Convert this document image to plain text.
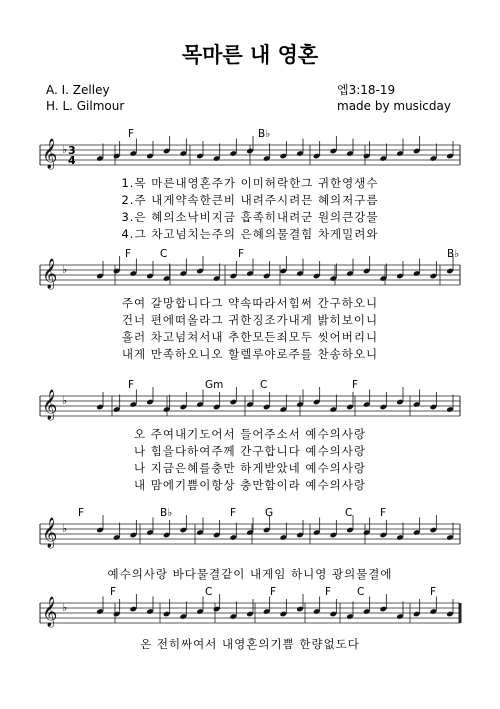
목마른 내 영혼
A. I. Zelley
H. L. Gilmour
엡3:18-19
made by musicday
𝄞 ♭ 3
4
F	B♭
1.목 마른내영혼주가 이미허락한그 귀한영생수
2.주 내게약속한큰비 내려주시려믄 혜의저구름
3.은 혜의소낙비지금 흡족히내려군 원의큰강물
4.그 차고넘치는주의 은혜의물결힘 차게밀려와
𝄞 ♭
F	C	F	B♭
주여 갈망합니다그 약속따라서힘써 간구하오니
건너 편에떠올라그 귀한징조가내게 밝히보이니
흘러 차고넘쳐서내 추한모든죄모두 씻어버리니
내게 만족하오니오 할렐루야로주를 찬송하오니
𝄞 ♭
F	Gm	C	F
오 주여내기도어서 들어주소서 예수의사랑
나 힘을다하여주께 간구합니다 예수의사랑
나 지금은혜를충만 하게받았네 예수의사랑
내 맘에기쁨이항상 충만함이라 예수의사랑
𝄞 ♭
F	B♭	F	G	C	F
예수의사랑 바다물결같이 내게임 하니영 광의물결에
𝄞 ♭
F	C	F	F C	F
온 전히싸여서 내영혼의기쁨 한량없도다
